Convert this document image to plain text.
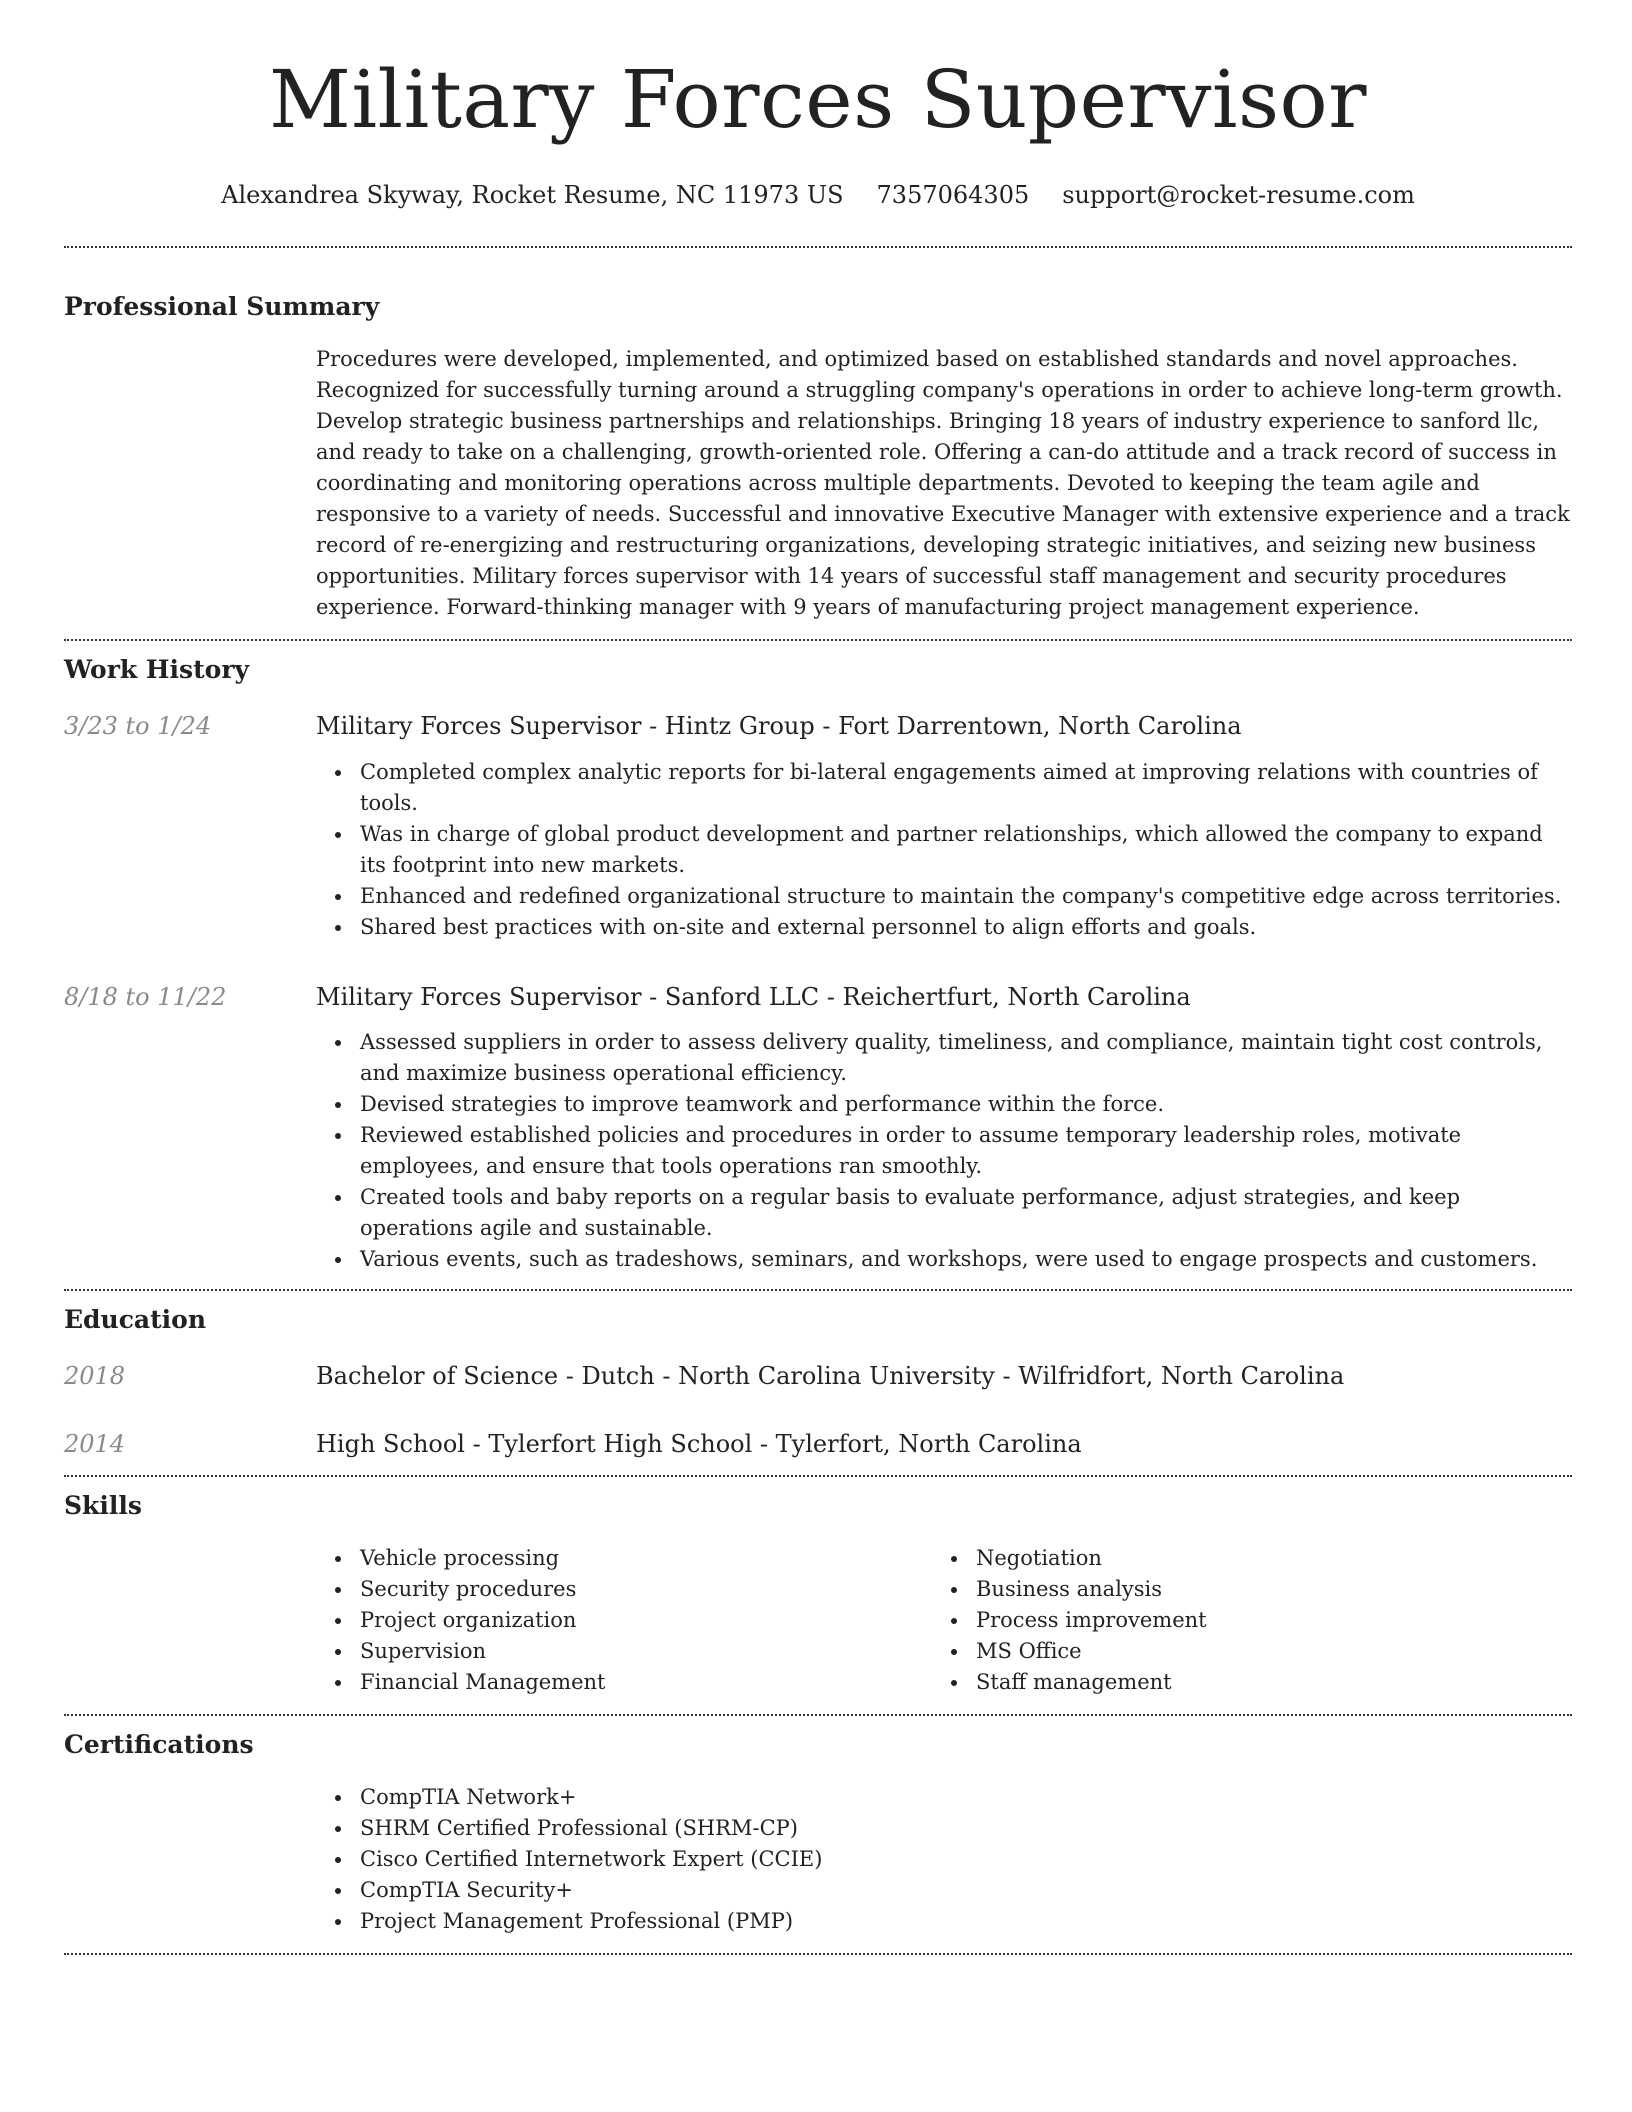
Military Forces Supervisor
Alexandrea Skyway, Rocket Resume, NC 11973 US 7357064305 support@rocket-resume.com
Professional Summary
Procedures were developed, implemented, and optimized based on established standards and novel approaches. Recognized for successfully turning around a struggling company's operations in order to achieve long-term growth. Develop strategic business partnerships and relationships. Bringing 18 years of industry experience to sanford llc, and ready to take on a challenging, growth-oriented role. Offering a can-do attitude and a track record of success in coordinating and monitoring operations across multiple departments. Devoted to keeping the team agile and responsive to a variety of needs. Successful and innovative Executive Manager with extensive experience and a track record of re-energizing and restructuring organizations, developing strategic initiatives, and seizing new business opportunities. Military forces supervisor with 14 years of successful staff management and security procedures experience. Forward-thinking manager with 9 years of manufacturing project management experience.
Work History
3/23 to 1/24	Military Forces Supervisor - Hintz Group - Fort Darrentown, North Carolina
Completed complex analytic reports for bi-lateral engagements aimed at improving relations with countries of tools.
Was in charge of global product development and partner relationships, which allowed the company to expand its footprint into new markets.
Enhanced and redefined organizational structure to maintain the company's competitive edge across territories.
Shared best practices with on-site and external personnel to align efforts and goals.
8/18 to 11/22	Military Forces Supervisor - Sanford LLC - Reichertfurt, North Carolina
Assessed suppliers in order to assess delivery quality, timeliness, and compliance, maintain tight cost controls, and maximize business operational efficiency.
Devised strategies to improve teamwork and performance within the force.
Reviewed established policies and procedures in order to assume temporary leadership roles, motivate employees, and ensure that tools operations ran smoothly.
Created tools and baby reports on a regular basis to evaluate performance, adjust strategies, and keep operations agile and sustainable.
Various events, such as tradeshows, seminars, and workshops, were used to engage prospects and customers.
Education
2018	Bachelor of Science - Dutch - North Carolina University - Wilfridfort, North Carolina
2014	High School - Tylerfort High School - Tylerfort, North Carolina
Skills
Vehicle processing
Security procedures
Project organization
Supervision
Financial Management
Negotiation
Business analysis
Process improvement
MS Office
Staff management
Certifications
CompTIA Network+
SHRM Certified Professional (SHRM-CP)
Cisco Certified Internetwork Expert (CCIE)
CompTIA Security+
Project Management Professional (PMP)
